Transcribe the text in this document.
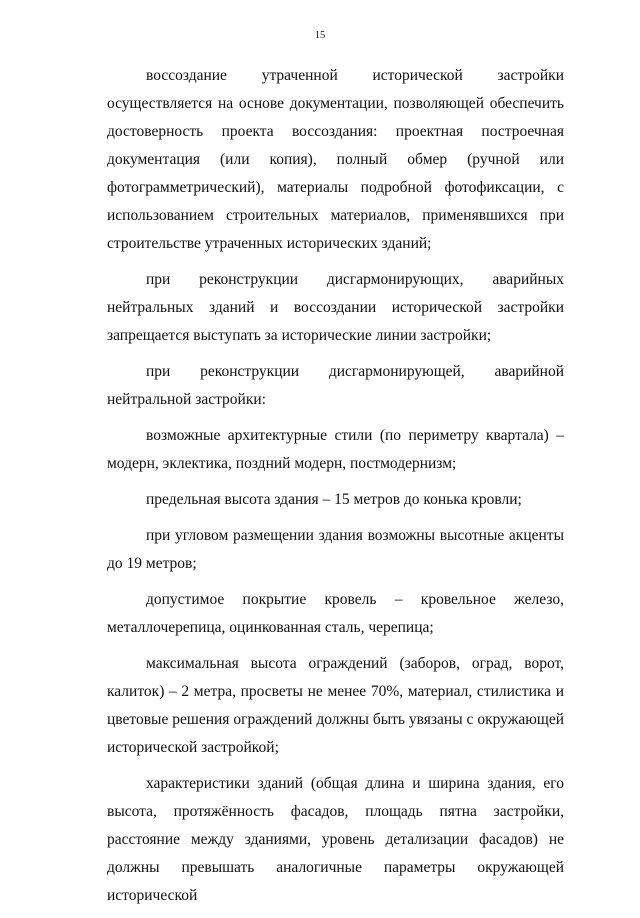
15

воссоздание утраченной исторической застройки осуществляется на основе документации, позволяющей обеспечить достоверность проекта воссоздания: проектная построечная документация (или копия), полный обмер (ручной или фотограмметрический), материалы подробной фотофиксации, с использованием строительных материалов, применявшихся при строительстве утраченных исторических зданий;

при реконструкции дисгармонирующих, аварийных нейтральных зданий и воссоздании исторической застройки запрещается выступать за исторические линии застройки;

при реконструкции дисгармонирующей, аварийной нейтральной застройки:

возможные архитектурные стили (по периметру квартала) – модерн, эклектика, поздний модерн, постмодернизм;

предельная высота здания – 15 метров до конька кровли;

при угловом размещении здания возможны высотные акценты до 19 метров;

допустимое покрытие кровель – кровельное железо, металлочерепица, оцинкованная сталь, черепица;

максимальная высота ограждений (заборов, оград, ворот, калиток) – 2 метра, просветы не менее 70%, материал, стилистика и цветовые решения ограждений должны быть увязаны с окружающей исторической застройкой;

характеристики зданий (общая длина и ширина здания, его высота, протяжённость фасадов, площадь пятна застройки, расстояние между зданиями, уровень детализации фасадов) не должны превышать аналогичные параметры окружающей исторической
